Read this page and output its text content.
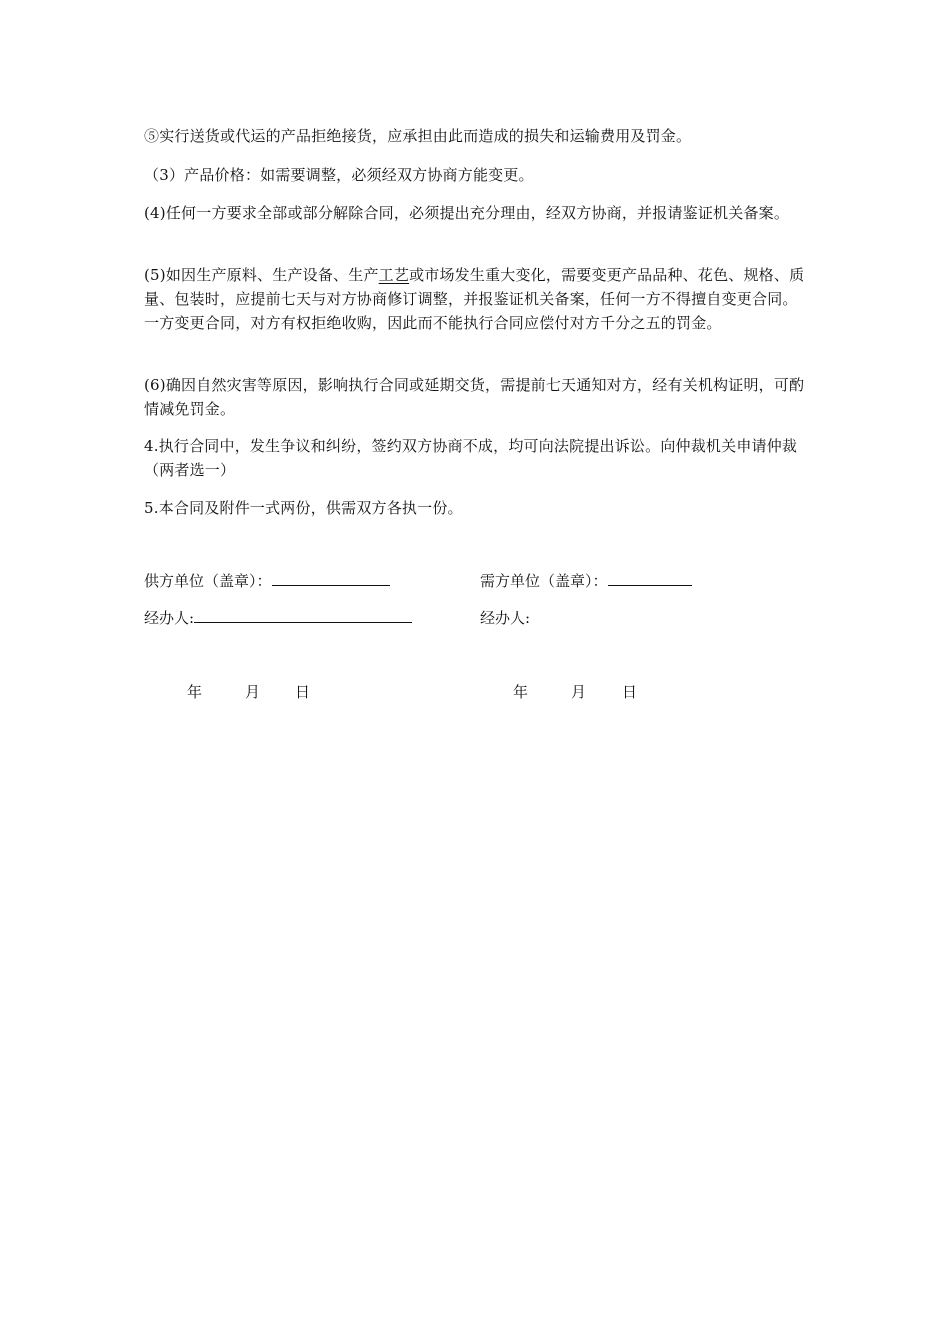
⑤实行送货或代运的产品拒绝接货，应承担由此而造成的损失和运输费用及罚金。
（3）产品价格：如需要调整，必须经双方协商方能变更。
(4)任何一方要求全部或部分解除合同，必须提出充分理由，经双方协商，并报请鉴证机关备案。
(5)如因生产原料、生产设备、生产工艺或市场发生重大变化，需要变更产品品种、花色、规格、质量、包装时，应提前七天与对方协商修订调整，并报鉴证机关备案，任何一方不得擅自变更合同。一方变更合同，对方有权拒绝收购，因此而不能执行合同应偿付对方千分之五的罚金。
(6)确因自然灾害等原因，影响执行合同或延期交货，需提前七天通知对方，经有关机构证明，可酌情减免罚金。
4.执行合同中，发生争议和纠纷，签约双方协商不成，均可向法院提出诉讼。向仲裁机关申请仲裁（两者选一）
5.本合同及附件一式两份，供需双方各执一份。
供方单位（盖章）：	需方单位（盖章）：
经办人:	经办人:
年	月 日	年	月 日
